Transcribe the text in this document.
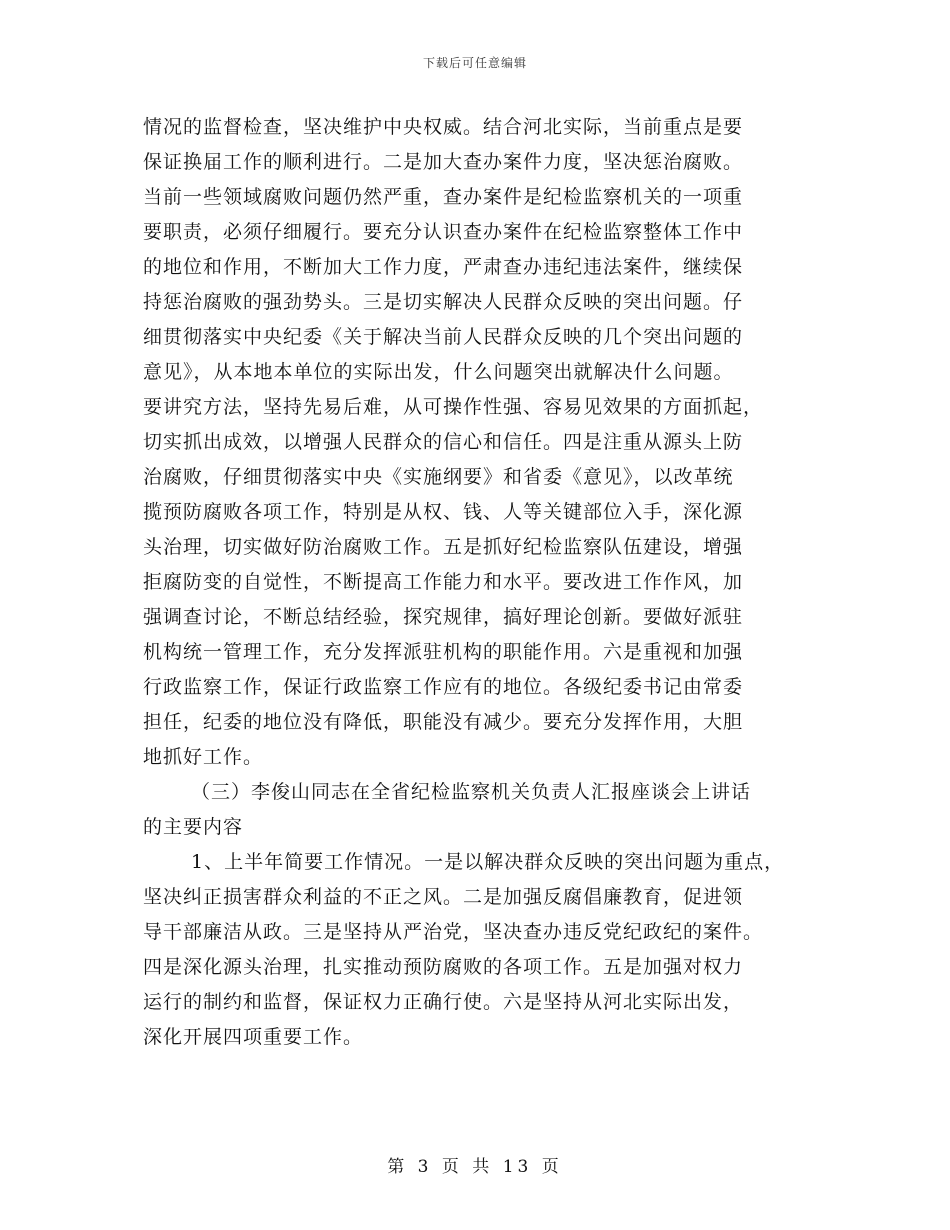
下载后可任意编辑
情况的监督检查，坚决维护中央权威。结合河北实际，当前重点是要
保证换届工作的顺利进行。二是加大查办案件力度，坚决惩治腐败。
当前一些领域腐败问题仍然严重，查办案件是纪检监察机关的一项重
要职责，必须仔细履行。要充分认识查办案件在纪检监察整体工作中
的地位和作用，不断加大工作力度，严肃查办违纪违法案件，继续保
持惩治腐败的强劲势头。三是切实解决人民群众反映的突出问题。仔
细贯彻落实中央纪委《关于解决当前人民群众反映的几个突出问题的
意见》，从本地本单位的实际出发，什么问题突出就解决什么问题。
要讲究方法，坚持先易后难，从可操作性强、容易见效果的方面抓起，
切实抓出成效，以增强人民群众的信心和信任。四是注重从源头上防
治腐败，仔细贯彻落实中央《实施纲要》和省委《意见》，以改革统
揽预防腐败各项工作，特别是从权、钱、人等关键部位入手，深化源
头治理，切实做好防治腐败工作。五是抓好纪检监察队伍建设，增强
拒腐防变的自觉性，不断提高工作能力和水平。要改进工作作风，加
强调查讨论，不断总结经验，探究规律，搞好理论创新。要做好派驻
机构统一管理工作，充分发挥派驻机构的职能作用。六是重视和加强
行政监察工作，保证行政监察工作应有的地位。各级纪委书记由常委
担任，纪委的地位没有降低，职能没有减少。要充分发挥作用，大胆
地抓好工作。
（三）李俊山同志在全省纪检监察机关负责人汇报座谈会上讲话
的主要内容
1、上半年简要工作情况。一是以解决群众反映的突出问题为重点，
坚决纠正损害群众利益的不正之风。二是加强反腐倡廉教育，促进领
导干部廉洁从政。三是坚持从严治党，坚决查办违反党纪政纪的案件。
四是深化源头治理，扎实推动预防腐败的各项工作。五是加强对权力
运行的制约和监督，保证权力正确行使。六是坚持从河北实际出发，
深化开展四项重要工作。
第 3 页 共 13 页
